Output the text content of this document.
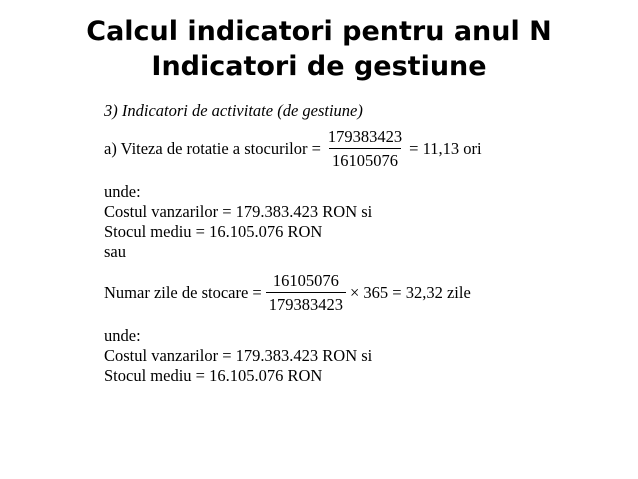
Calcul indicatori pentru anul N
Indicatori de gestiune
3) Indicatori de activitate (de gestiune)
a) Viteza de rotatie a stocurilor = $\frac{179383423}{16105076} = 11,13$ ori
unde:
Costul vanzarilor = 179.383.423 RON si
Stocul mediu = 16.105.076 RON
sau
Numar zile de stocare = $\frac{16105076}{179383423} \times 365 = 32,32$ zile
unde:
Costul vanzarilor = 179.383.423 RON si
Stocul mediu = 16.105.076 RON
